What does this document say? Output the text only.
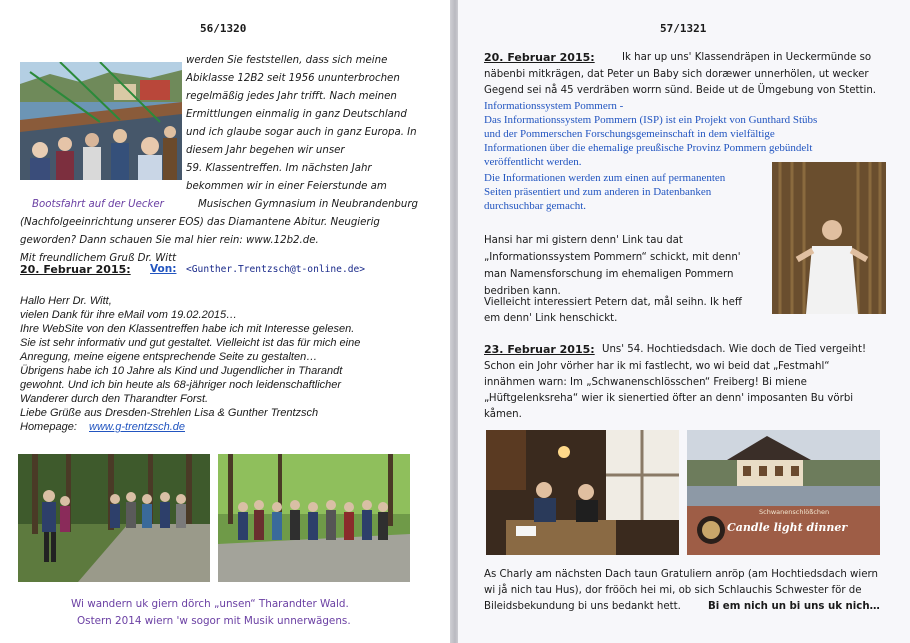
56/1320
werden Sie feststellen, dass sich meine
Abiklasse 12B2 seit 1956 ununterbrochen
regelmäßig jedes Jahr trifft. Nach meinen
Ermittlungen einmalig in ganz Deutschland
und ich glaube sogar auch in ganz Europa. In
diesem Jahr begehen wir unser
59. Klassentreffen. Im nächsten Jahr
bekommen wir in einer Feierstunde am
Bootsfahrt auf der Uecker	Musischen Gymnasium in Neubrandenburg
(Nachfolgeeinrichtung unserer EOS) das Diamantene Abitur. Neugierig
geworden? Dann schauen Sie mal hier rein: www.12b2.de.
Mit freundlichem Gruß Dr. Witt
20. Februar 2015: Von: <Gunther.Trentzsch@t-online.de>
Hallo Herr Dr. Witt,
vielen Dank für ihre eMail vom 19.02.2015…
Ihre WebSite von den Klassentreffen habe ich mit Interesse gelesen.
Sie ist sehr informativ und gut gestaltet. Vielleicht ist das für mich eine
Anregung, meine eigene entsprechende Seite zu gestalten…
Übrigens habe ich 10 Jahre als Kind und Jugendlicher in Tharandt
gewohnt. Und ich bin heute als 68-jähriger noch leidenschaftlicher
Wanderer durch den Tharandter Forst.
Liebe Grüße aus Dresden-Strehlen Lisa & Gunther Trentzsch
Homepage: www.g-trentzsch.de
Wi wandern uk giern dörch „unsen“ Tharandter Wald.
Ostern 2014 wiern 'w sogor mit Musik unnerwägens.
57/1321
20. Februar 2015:	Ik har up uns' Klassendräpen in Ueckermünde so
näbenbi mitkrägen, dat Peter un Baby sich doræwer unnerhölen, ut wecker
Gegend sei nå 45 verdräben worrn sünd. Beide ut de Ümgebung von Stettin.
Informationssystem Pommern -
Das Informationssystem Pommern (ISP) ist ein Projekt von Gunthard Stübs
und der Pommerschen Forschungsgemeinschaft in dem vielfältige
Informationen über die ehemalige preußische Provinz Pommern gebündelt
veröffentlicht werden.
Die Informationen werden zum einen auf permanenten
Seiten präsentiert und zum anderen in Datenbanken
durchsuchbar gemacht.
Hansi har mi gistern denn' Link tau dat
„Informationssystem Pommern“ schickt, mit denn'
man Namensforschung im ehemaligen Pommern
bedriben kann.
Vielleicht interessiert Petern dat, mål seihn. Ik heff
em denn' Link henschickt.
23. Februar 2015: Uns' 54. Hochtiedsdach. Wie doch de Tied vergeiht!
Schon ein Johr vörher har ik mi fastlecht, wo wi beid dat „Festmahl“
innähmen warn: Im „Schwanenschlösschen“ Freiberg! Bi miene
„Hüftgelenksreha“ wier ik sienertied öfter an denn' imposanten Bu vörbi
kåmen.
Candle light dinner
Schwanenschlößchen
As Charly am nächsten Dach taun Gratuliern anröp (am Hochtiedsdach wiern
wi jå nich tau Hus), dor frööch hei mi, ob sich Schlauchis Schwester för de
Bileidsbekundung bi uns bedankt hett.	Bi em nich un bi uns uk nich…
